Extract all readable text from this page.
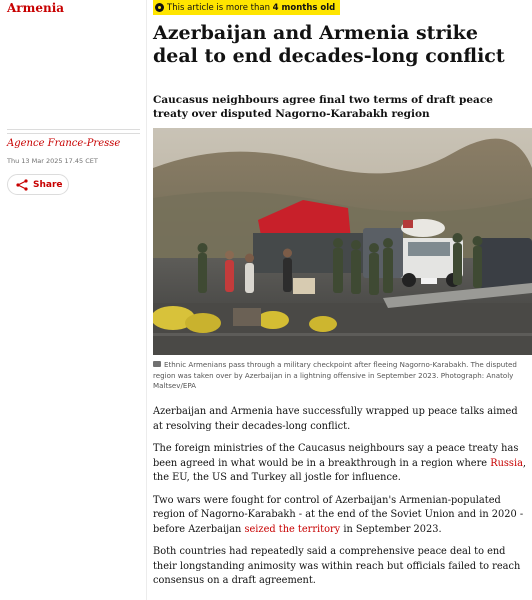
Armenia
Agence France-Presse
Thu 13 Mar 2025 17.45 CET
Share
This article is more than 4 months old
Azerbaijan and Armenia strike deal to end decades-long conflict
Caucasus neighbours agree final two terms of draft peace treaty over disputed Nagorno-Karabakh region
Ethnic Armenians pass through a military checkpoint after fleeing Nagorno-Karabakh. The disputed region was taken over by Azerbaijan in a lightning offensive in September 2023. Photograph: Anatoly Maltsev/EPA

Azerbaijan and Armenia have successfully wrapped up peace talks aimed at resolving their decades-long conflict.

The foreign ministries of the Caucasus neighbours say a peace treaty has been agreed in what would be in a breakthrough in a region where Russia, the EU, the US and Turkey all jostle for influence.

Two wars were fought for control of Azerbaijan's Armenian-populated region of Nagorno-Karabakh - at the end of the Soviet Union and in 2020 - before Azerbaijan seized the territory in September 2023.

Both countries had repeatedly said a comprehensive peace deal to end their longstanding animosity was within reach but officials failed to reach consensus on a draft agreement.
